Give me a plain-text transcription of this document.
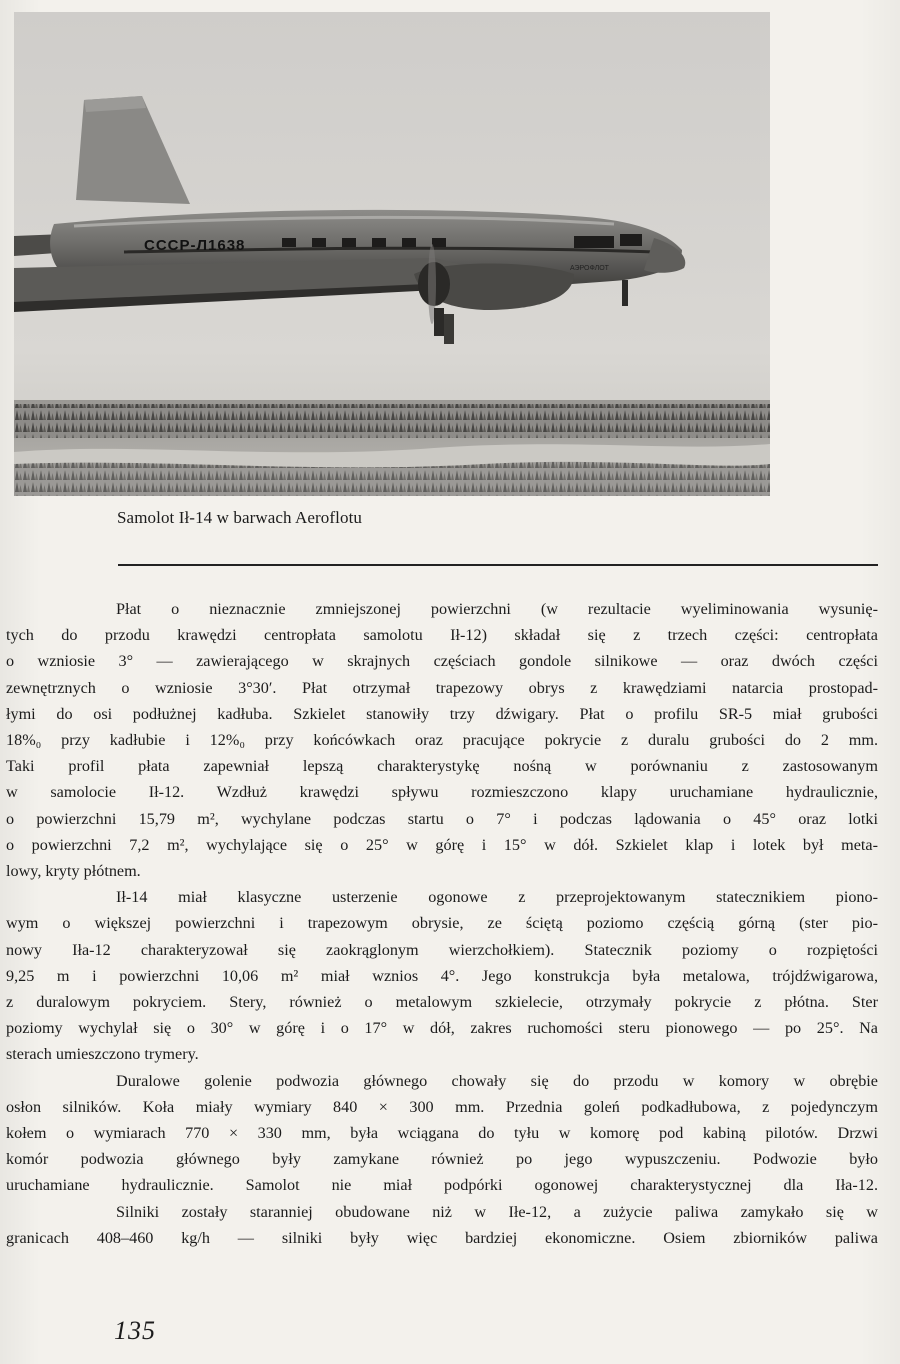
CCCP-Л1638
АЭРОФЛОТ
Samolot Ił-14 w barwach Aeroflotu
Płat o nieznacznie zmniejszonej powierzchni (w rezultacie wyeliminowania wysunię-
tych do przodu krawędzi centropłata samolotu Ił-12) składał się z trzech części: centropłata
o wzniosie 3° — zawierającego w skrajnych częściach gondole silnikowe — oraz dwóch części
zewnętrznych o wzniosie 3°30′. Płat otrzymał trapezowy obrys z krawędziami natarcia prostopad-
łymi do osi podłużnej kadłuba. Szkielet stanowiły trzy dźwigary. Płat o profilu SR-5 miał grubości
18%₀ przy kadłubie i 12%₀ przy końcówkach oraz pracujące pokrycie z duralu grubości do 2 mm.
Taki profil płata zapewniał lepszą charakterystykę nośną w porównaniu z zastosowanym
w samolocie Ił-12. Wzdłuż krawędzi spływu rozmieszczono klapy uruchamiane hydraulicznie,
o powierzchni 15,79 m², wychylane podczas startu o 7° i podczas lądowania o 45° oraz lotki
o powierzchni 7,2 m², wychylające się o 25° w górę i 15° w dół. Szkielet klap i lotek był meta-
lowy, kryty płótnem.
Ił-14 miał klasyczne usterzenie ogonowe z przeprojektowanym statecznikiem piono-
wym o większej powierzchni i trapezowym obrysie, ze ściętą poziomo częścią górną (ster pio-
nowy Iła-12 charakteryzował się zaokrąglonym wierzchołkiem). Statecznik poziomy o rozpiętości
9,25 m i powierzchni 10,06 m² miał wznios 4°. Jego konstrukcja była metalowa, trójdźwigarowa,
z duralowym pokryciem. Stery, również o metalowym szkielecie, otrzymały pokrycie z płótna. Ster
poziomy wychylał się o 30° w górę i o 17° w dół, zakres ruchomości steru pionowego — po 25°. Na
sterach umieszczono trymery.
Duralowe golenie podwozia głównego chowały się do przodu w komory w obrębie
osłon silników. Koła miały wymiary 840 × 300 mm. Przednia goleń podkadłubowa, z pojedynczym
kołem o wymiarach 770 × 330 mm, była wciągana do tyłu w komorę pod kabiną pilotów. Drzwi
komór podwozia głównego były zamykane również po jego wypuszczeniu. Podwozie było
uruchamiane hydraulicznie. Samolot nie miał podpórki ogonowej charakterystycznej dla Iła-12.
Silniki zostały staranniej obudowane niż w Iłe-12, a zużycie paliwa zamykało się w
granicach 408–460 kg/h — silniki były więc bardziej ekonomiczne. Osiem zbiorników paliwa
135
